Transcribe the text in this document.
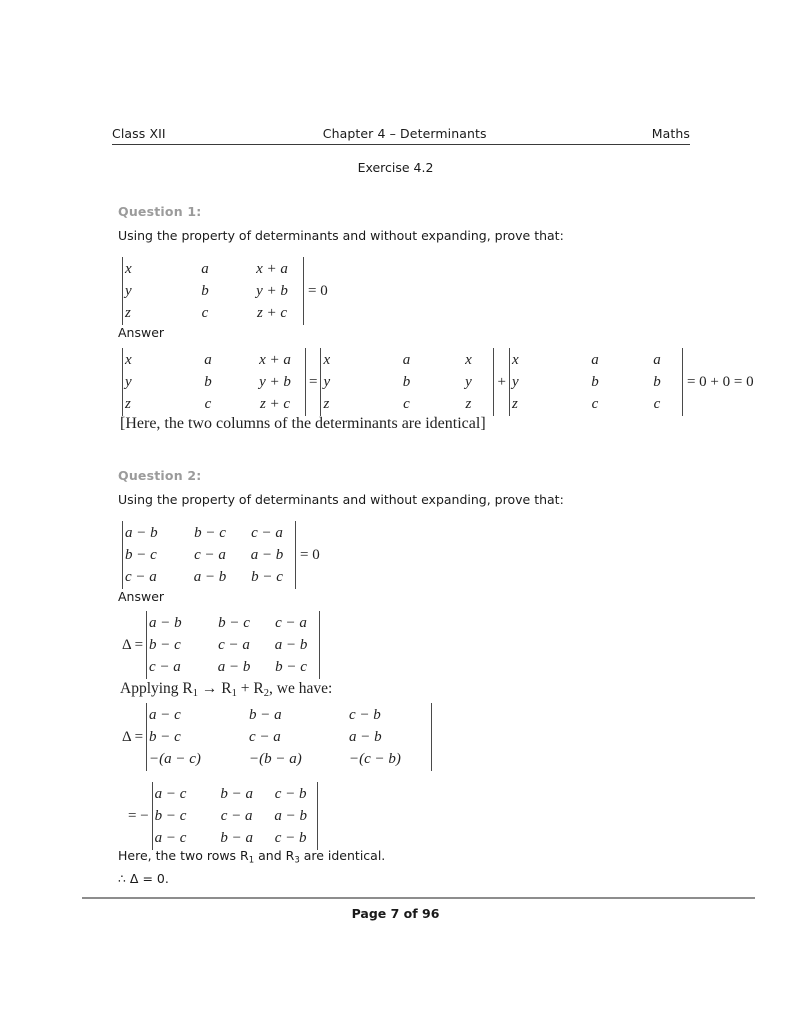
Class XII	Chapter 4 – Determinants	Maths
Exercise 4.2
Question 1:
Using the property of determinants and without expanding, prove that:
x	a	x + a
y	b	y + b
z	c	z + c
= 0
Answer
x	a	x + a
y	b	y + b
z	c	z + c
=
x	a	x
y	b	y
z	c	z
+
x	a	a
y	b	b
z	c	c
= 0 + 0 = 0
[Here, the two columns of the determinants are identical]
Question 2:
Using the property of determinants and without expanding, prove that:
a − b	b − c	c − a
b − c	c − a	a − b
c − a	a − b	b − c
= 0
Answer
Δ =
a − b	b − c	c − a
b − c	c − a	a − b
c − a	a − b	b − c
Applying $R_1 \to R_1 + R_2$, we have:
Δ =
a − c	b − a	c − b
b − c	c − a	a − b
−(a − c)	−(b − a)	−(c − b)
= −
a − c	b − a	c − b
b − c	c − a	a − b
a − c	b − a	c − b
Here, the two rows $R_1$ and $R_3$ are identical.
∴ Δ = 0.
Page 7 of 96
